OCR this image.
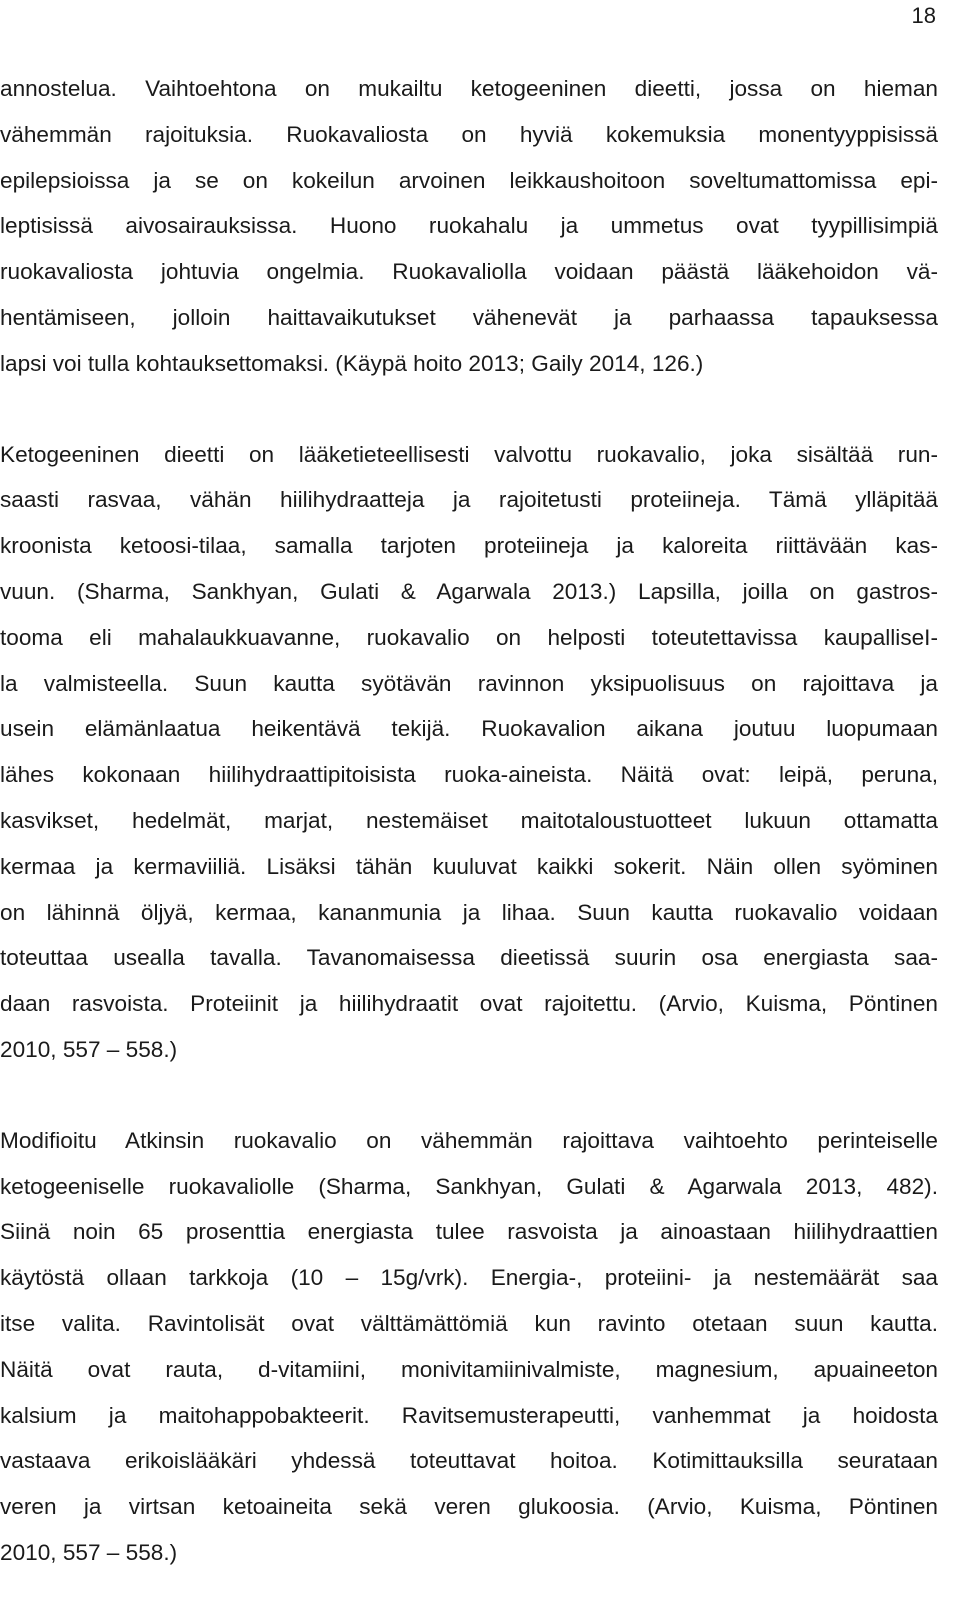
18

annostelua. Vaihtoehtona on mukailtu ketogeeninen dieetti, jossa on hieman
vähemmän rajoituksia. Ruokavaliosta on hyviä kokemuksia monentyyppisissä
epilepsioissa ja se on kokeilun arvoinen leikkaushoitoon soveltumattomissa epi-
leptisissä aivosairauksissa. Huono ruokahalu ja ummetus ovat tyypillisimpiä
ruokavaliosta johtuvia ongelmia. Ruokavaliolla voidaan päästä lääkehoidon vä-
hentämiseen, jolloin haittavaikutukset vähenevät ja parhaassa tapauksessa
lapsi voi tulla kohtauksettomaksi. (Käypä hoito 2013; Gaily 2014, 126.)

Ketogeeninen dieetti on lääketieteellisesti valvottu ruokavalio, joka sisältää run-
saasti rasvaa, vähän hiilihydraatteja ja rajoitetusti proteiineja. Tämä ylläpitää
kroonista ketoosi-tilaa, samalla tarjoten proteiineja ja kaloreita riittävään kas-
vuun. (Sharma, Sankhyan, Gulati & Agarwala 2013.) Lapsilla, joilla on gastros-
tooma eli mahalaukkuavanne, ruokavalio on helposti toteutettavissa kaupalliseI-
la valmisteella. Suun kautta syötävän ravinnon yksipuolisuus on rajoittava ja
usein elämänlaatua heikentävä tekijä. Ruokavalion aikana joutuu luopumaan
lähes kokonaan hiilihydraattipitoisista ruoka-aineista. Näitä ovat: leipä, peruna,
kasvikset, hedelmät, marjat, nestemäiset maitotaloustuotteet lukuun ottamatta
kermaa ja kermaviiliä. Lisäksi tähän kuuluvat kaikki sokerit. Näin ollen syöminen
on lähinnä öljyä, kermaa, kananmunia ja lihaa. Suun kautta ruokavalio voidaan
toteuttaa usealla tavalla. Tavanomaisessa dieetissä suurin osa energiasta saa-
daan rasvoista. Proteiinit ja hiilihydraatit ovat rajoitettu. (Arvio, Kuisma, Pöntinen
2010, 557 – 558.)

Modifioitu Atkinsin ruokavalio on vähemmän rajoittava vaihtoehto perinteiselle
ketogeeniselle ruokavaliolle (Sharma, Sankhyan, Gulati & Agarwala 2013, 482).
Siinä noin 65 prosenttia energiasta tulee rasvoista ja ainoastaan hiilihydraattien
käytöstä ollaan tarkkoja (10 – 15g/vrk). Energia-, proteiini- ja nestemäärät saa
itse valita. Ravintolisät ovat välttämättömiä kun ravinto otetaan suun kautta.
Näitä ovat rauta, d-vitamiini, monivitamiinivalmiste, magnesium, apuaineeton
kalsium ja maitohappobakteerit. Ravitsemusterapeutti, vanhemmat ja hoidosta
vastaava erikoislääkäri yhdessä toteuttavat hoitoa. Kotimittauksilla seurataan
veren ja virtsan ketoaineita sekä veren glukoosia. (Arvio, Kuisma, Pöntinen
2010, 557 – 558.)
